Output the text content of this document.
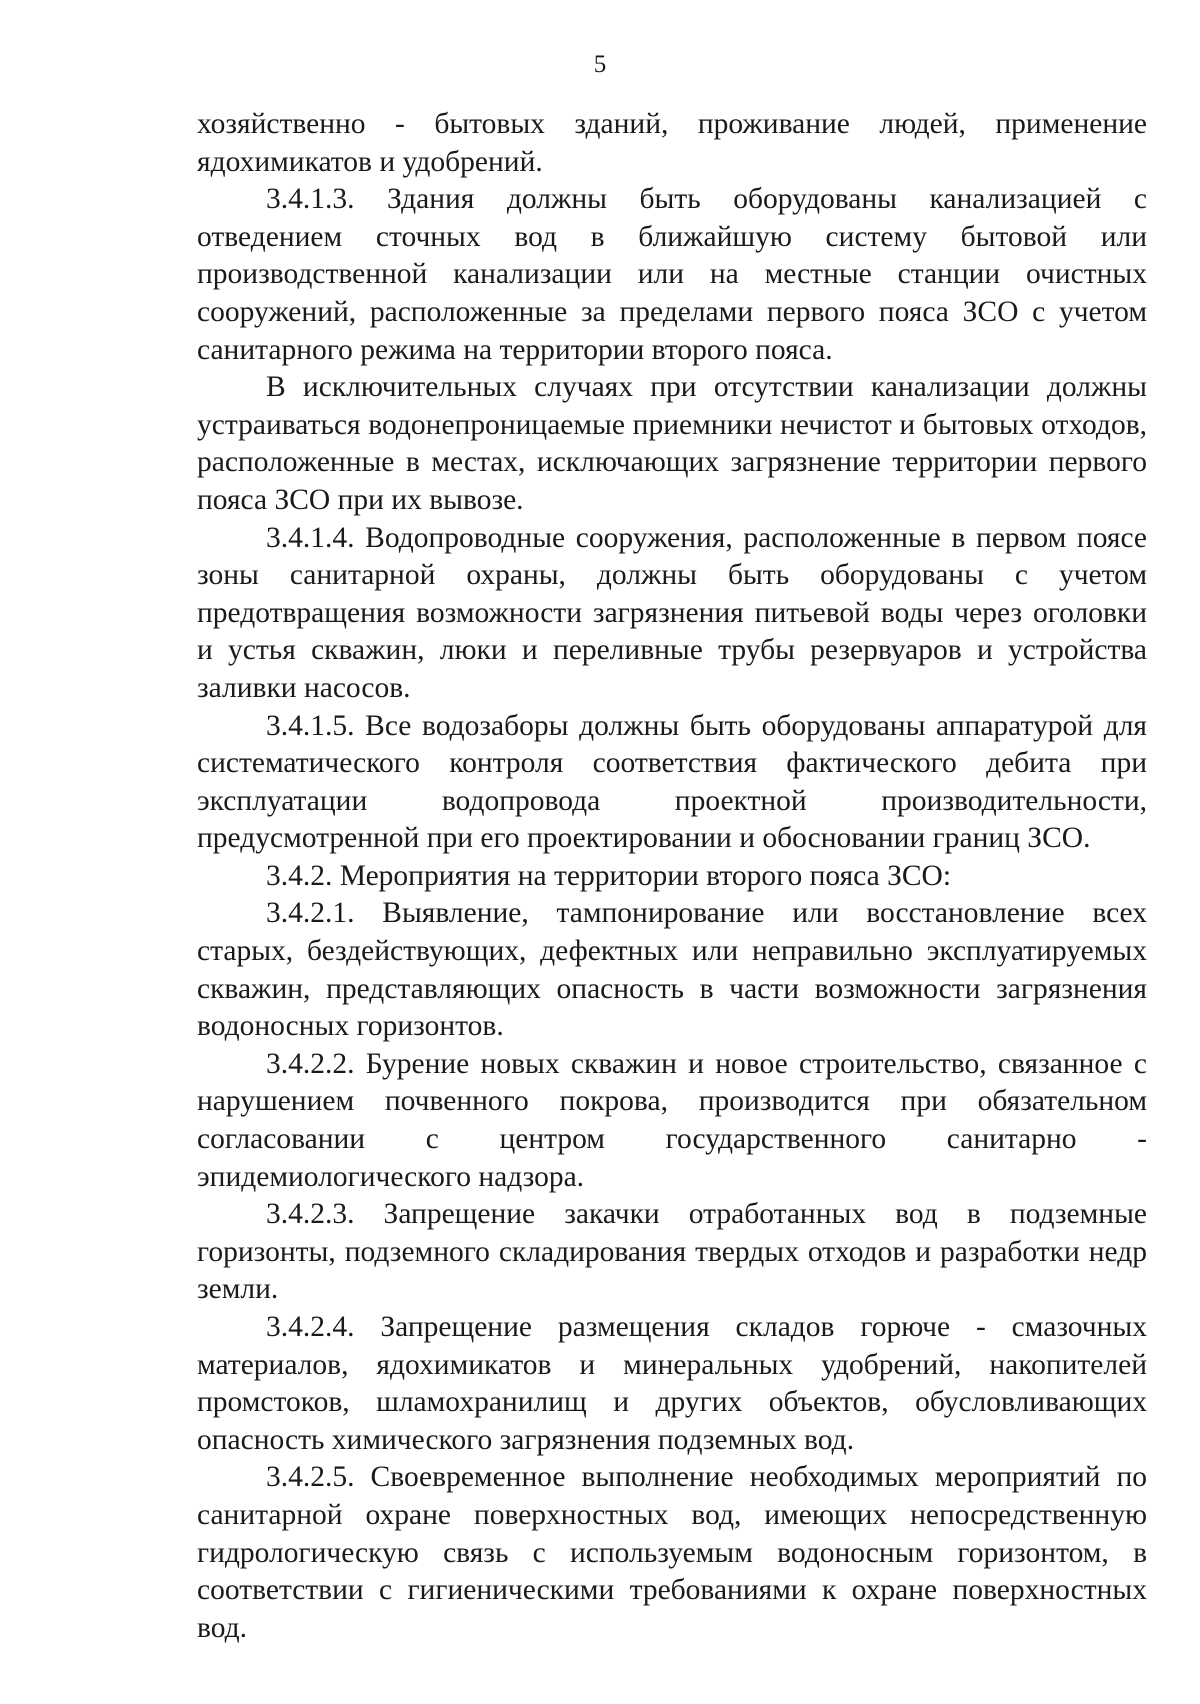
5

хозяйственно - бытовых зданий, проживание людей, применение ядохимикатов и удобрений.

3.4.1.3. Здания должны быть оборудованы канализацией с отведением сточных вод в ближайшую систему бытовой или производственной канализации или на местные станции очистных сооружений, расположенные за пределами первого пояса ЗСО с учетом санитарного режима на территории второго пояса.

В исключительных случаях при отсутствии канализации должны устраиваться водонепроницаемые приемники нечистот и бытовых отходов, расположенные в местах, исключающих загрязнение территории первого пояса ЗСО при их вывозе.

3.4.1.4. Водопроводные сооружения, расположенные в первом поясе зоны санитарной охраны, должны быть оборудованы с учетом предотвращения возможности загрязнения питьевой воды через оголовки и устья скважин, люки и переливные трубы резервуаров и устройства заливки насосов.

3.4.1.5. Все водозаборы должны быть оборудованы аппаратурой для систематического контроля соответствия фактического дебита при эксплуатации водопровода проектной производительности, предусмотренной при его проектировании и обосновании границ ЗСО.

3.4.2. Мероприятия на территории второго пояса ЗСО:

3.4.2.1. Выявление, тампонирование или восстановление всех старых, бездействующих, дефектных или неправильно эксплуатируемых скважин, представляющих опасность в части возможности загрязнения водоносных горизонтов.

3.4.2.2. Бурение новых скважин и новое строительство, связанное с нарушением почвенного покрова, производится при обязательном согласовании с центром государственного санитарно - эпидемиологического надзора.

3.4.2.3. Запрещение закачки отработанных вод в подземные горизонты, подземного складирования твердых отходов и разработки недр земли.

3.4.2.4. Запрещение размещения складов горюче - смазочных материалов, ядохимикатов и минеральных удобрений, накопителей промстоков, шламохранилищ и других объектов, обусловливающих опасность химического загрязнения подземных вод.

3.4.2.5. Своевременное выполнение необходимых мероприятий по санитарной охране поверхностных вод, имеющих непосредственную гидрологическую связь с используемым водоносным горизонтом, в соответствии с гигиеническими требованиями к охране поверхностных вод.
